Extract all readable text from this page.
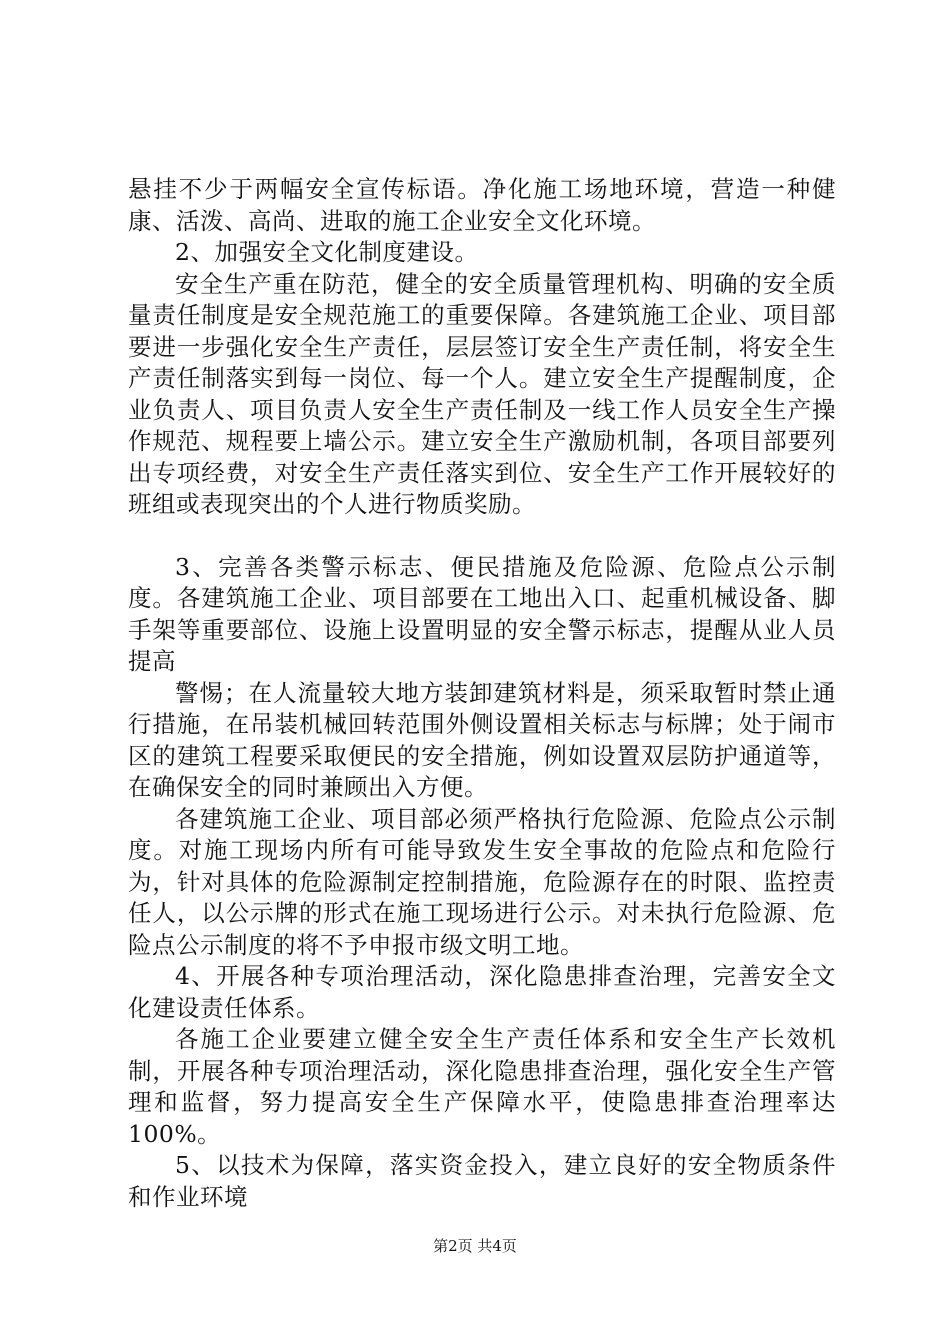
悬挂不少于两幅安全宣传标语。净化施工场地环境，营造一种健康、活泼、高尚、进取的施工企业安全文化环境。

2、加强安全文化制度建设。

安全生产重在防范，健全的安全质量管理机构、明确的安全质量责任制度是安全规范施工的重要保障。各建筑施工企业、项目部要进一步强化安全生产责任，层层签订安全生产责任制，将安全生产责任制落实到每一岗位、每一个人。建立安全生产提醒制度，企业负责人、项目负责人安全生产责任制及一线工作人员安全生产操作规范、规程要上墙公示。建立安全生产激励机制，各项目部要列出专项经费，对安全生产责任落实到位、安全生产工作开展较好的班组或表现突出的个人进行物质奖励。

3、完善各类警示标志、便民措施及危险源、危险点公示制度。各建筑施工企业、项目部要在工地出入口、起重机械设备、脚手架等重要部位、设施上设置明显的安全警示标志，提醒从业人员提高

警惕；在人流量较大地方装卸建筑材料是，须采取暂时禁止通行措施，在吊装机械回转范围外侧设置相关标志与标牌；处于闹市区的建筑工程要采取便民的安全措施，例如设置双层防护通道等，在确保安全的同时兼顾出入方便。

各建筑施工企业、项目部必须严格执行危险源、危险点公示制度。对施工现场内所有可能导致发生安全事故的危险点和危险行为，针对具体的危险源制定控制措施，危险源存在的时限、监控责任人，以公示牌的形式在施工现场进行公示。对未执行危险源、危险点公示制度的将不予申报市级文明工地。

4、开展各种专项治理活动，深化隐患排查治理，完善安全文化建设责任体系。

各施工企业要建立健全安全生产责任体系和安全生产长效机制，开展各种专项治理活动，深化隐患排查治理，强化安全生产管理和监督，努力提高安全生产保障水平，使隐患排查治理率达100%。

5、以技术为保障，落实资金投入，建立良好的安全物质条件和作业环境

第2页 共4页
